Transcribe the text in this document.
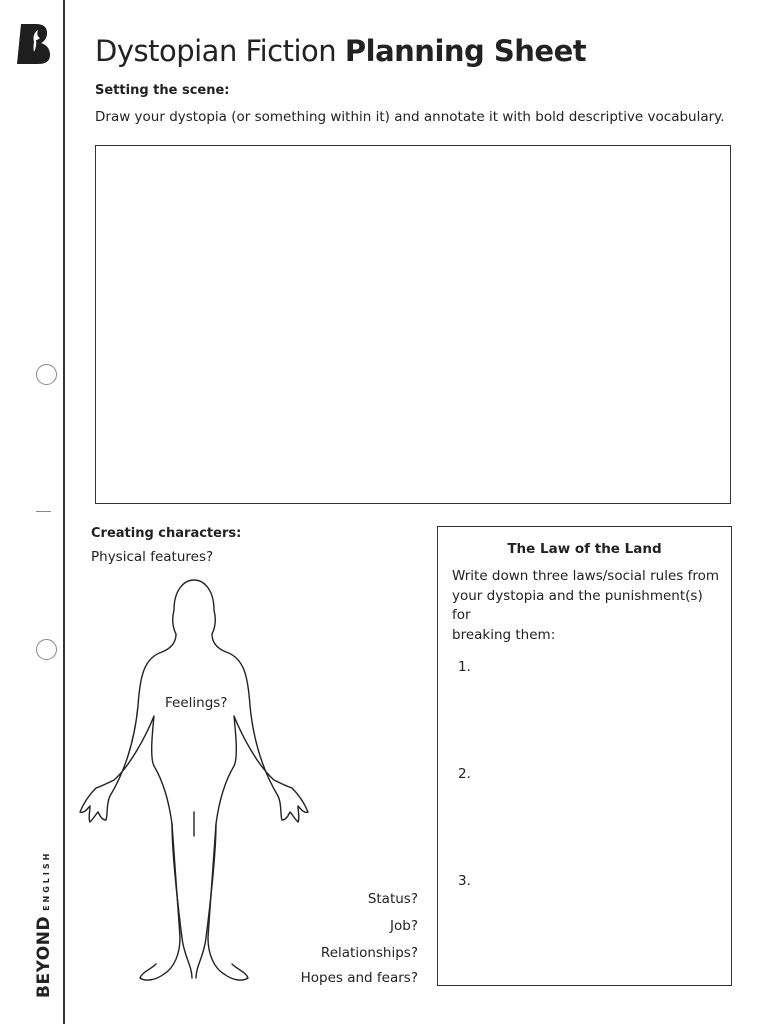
BEYONDENGLISH
Dystopian Fiction Planning Sheet
Setting the scene:
Draw your dystopia (or something within it) and annotate it with bold descriptive vocabulary.
Creating characters:
Physical features?
Feelings?
Status?
Job?
Relationships?
Hopes and fears?
The Law of the Land
Write down three laws/social rules from
your dystopia and the punishment(s) for
breaking them:
1.
2.
3.
